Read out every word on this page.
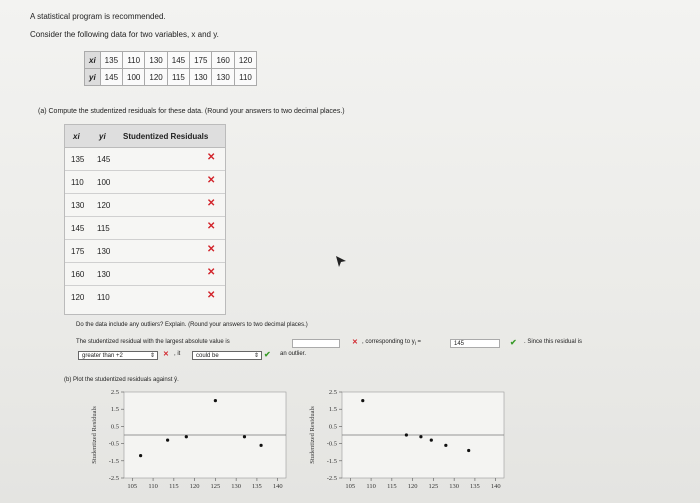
A statistical program is recommended.
Consider the following data for two variables, x and y.
xi	135	110	130	145	175	160	120
yi	145	100	120	115	130	130	110
(a) Compute the studentized residuals for these data. (Round your answers to two decimal places.)
xi yi Studentized Residuals
135 145	✕
110 100	✕
130 120	✕
145 115	✕
175 130	✕
160 130	✕
120 110	✕
Do the data include any outliers? Explain. (Round your answers to two decimal places.)
The studentized residual with the largest absolute value is	✕ , corresponding to $y_i$ =	145	✔ . Since this residual is
greater than +2	⇕ ✕ , it	could be	⇕ ✔ an outlier.
(b) Plot the studentized residuals against ŷ.
-2.5
-1.5
-0.5
0.5
1.5
2.5
105 110 115 120 125 130 135 140
Studentized Residuals
-2.5
-1.5
-0.5
0.5
1.5
2.5
105 110 115 120 125 130 135 140
Studentized Residuals
